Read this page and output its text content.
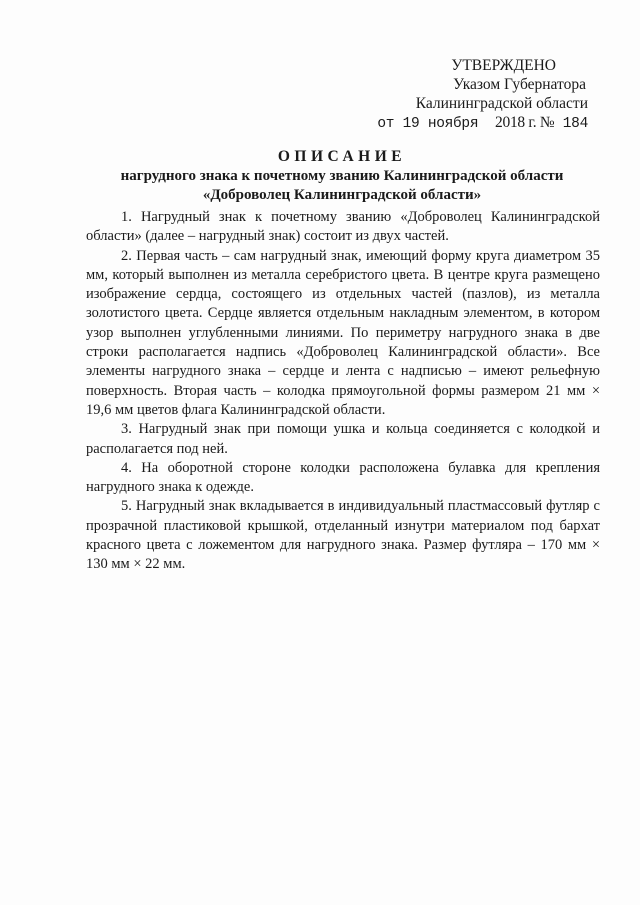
УТВЕРЖДЕНО
Указом Губернатора
Калининградской области
от 19 ноября 2018 г. № 184
ОПИСАНИЕ
нагрудного знака к почетному званию Калининградской области
«Доброволец Калининградской области»

1. Нагрудный знак к почетному званию «Доброволец Калининградской области» (далее – нагрудный знак) состоит из двух частей.

2. Первая часть – сам нагрудный знак, имеющий форму круга диаметром 35 мм, который выполнен из металла серебристого цвета. В центре круга размещено изображение сердца, состоящего из отдельных частей (пазлов), из металла золотистого цвета. Сердце является отдельным накладным элементом, в котором узор выполнен углубленными линиями. По периметру нагрудного знака в две строки располагается надпись «Доброволец Калининградской области». Все элементы нагрудного знака – сердце и лента с надписью – имеют рельефную поверхность. Вторая часть – колодка прямоугольной формы размером 21 мм × 19,6 мм цветов флага Калининградской области.

3. Нагрудный знак при помощи ушка и кольца соединяется с колодкой и располагается под ней.

4. На оборотной стороне колодки расположена булавка для крепления нагрудного знака к одежде.

5. Нагрудный знак вкладывается в индивидуальный пластмассовый футляр с прозрачной пластиковой крышкой, отделанный изнутри материалом под бархат красного цвета с ложементом для нагрудного знака. Размер футляра – 170 мм × 130 мм × 22 мм.
